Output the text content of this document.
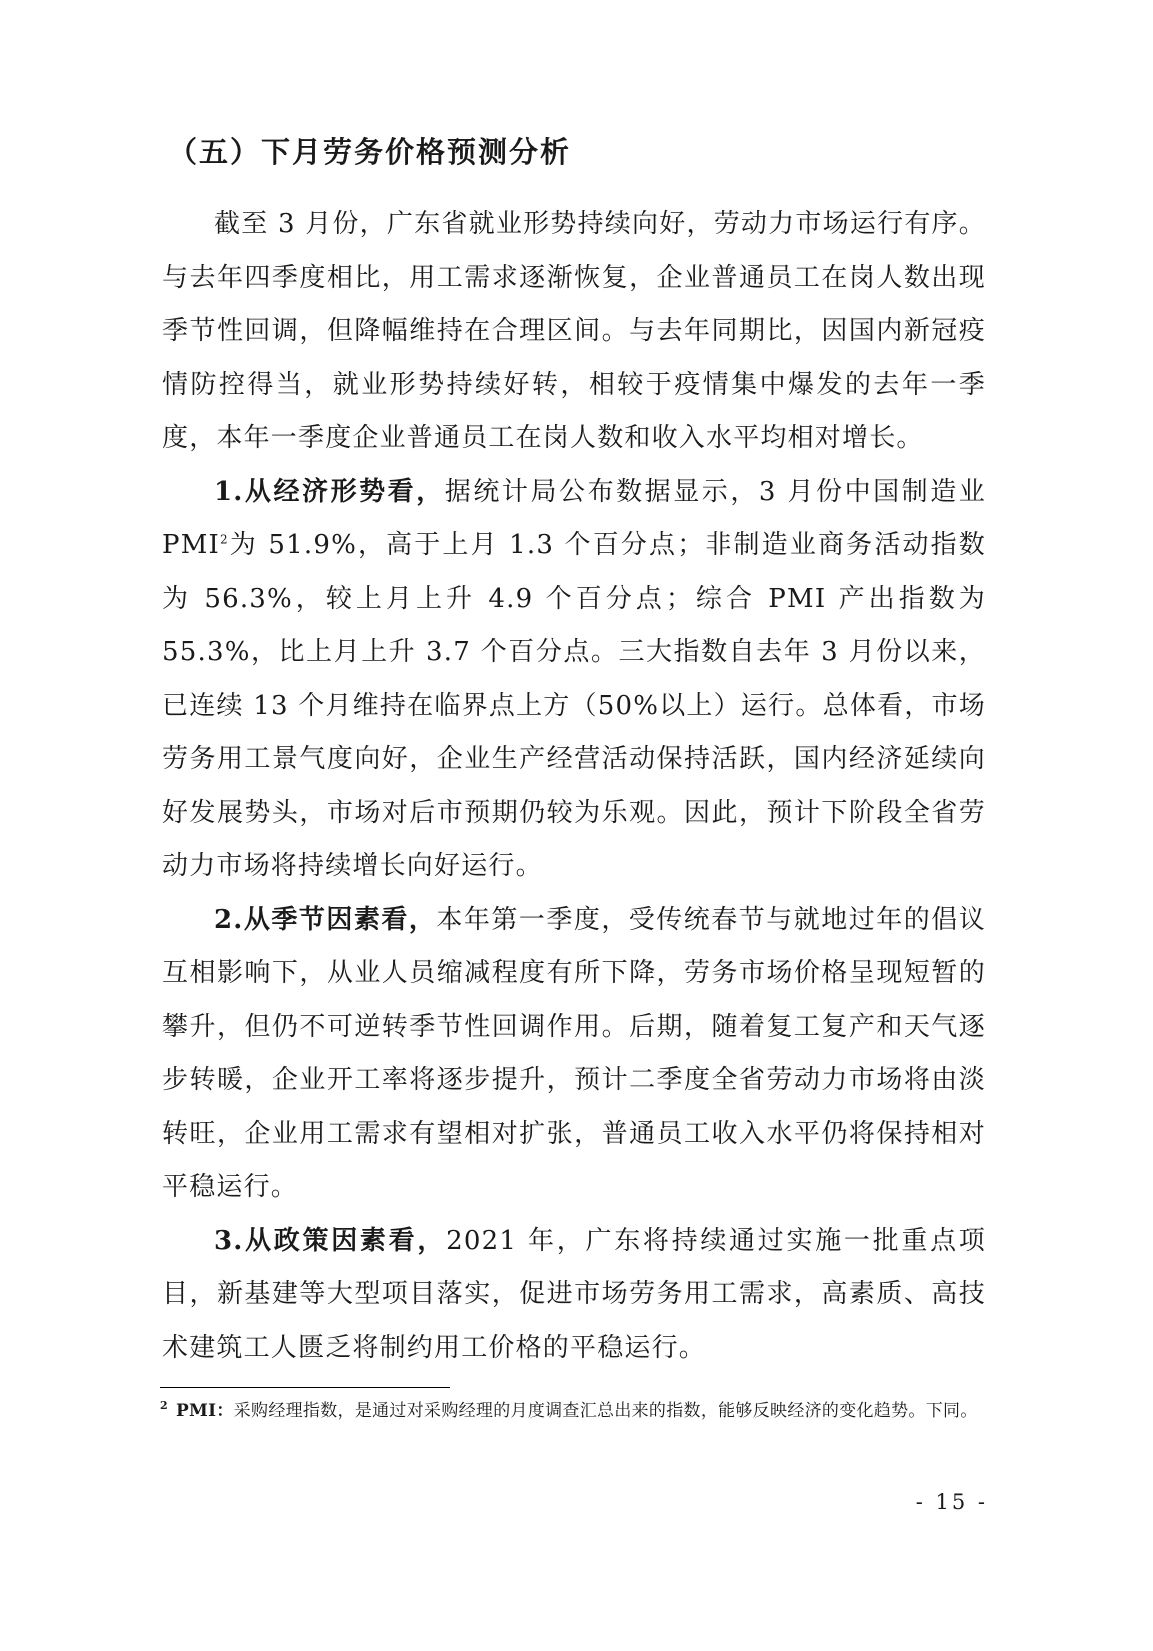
（五）下月劳务价格预测分析

截至 3 月份，广东省就业形势持续向好，劳动力市场运行有序。与去年四季度相比，用工需求逐渐恢复，企业普通员工在岗人数出现季节性回调，但降幅维持在合理区间。与去年同期比，因国内新冠疫情防控得当，就业形势持续好转，相较于疫情集中爆发的去年一季度，本年一季度企业普通员工在岗人数和收入水平均相对增长。

1.从经济形势看，据统计局公布数据显示，3 月份中国制造业 PMI$^2$为 51.9%，高于上月 1.3 个百分点；非制造业商务活动指数为 56.3%，较上月上升 4.9 个百分点；综合 PMI 产出指数为 55.3%，比上月上升 3.7 个百分点。三大指数自去年 3 月份以来，已连续 13 个月维持在临界点上方（50%以上）运行。总体看，市场劳务用工景气度向好，企业生产经营活动保持活跃，国内经济延续向好发展势头，市场对后市预期仍较为乐观。因此，预计下阶段全省劳动力市场将持续增长向好运行。

2.从季节因素看，本年第一季度，受传统春节与就地过年的倡议互相影响下，从业人员缩减程度有所下降，劳务市场价格呈现短暂的攀升，但仍不可逆转季节性回调作用。后期，随着复工复产和天气逐步转暖，企业开工率将逐步提升，预计二季度全省劳动力市场将由淡转旺，企业用工需求有望相对扩张，普通员工收入水平仍将保持相对平稳运行。

3.从政策因素看，2021 年，广东将持续通过实施一批重点项目，新基建等大型项目落实，促进市场劳务用工需求，高素质、高技术建筑工人匮乏将制约用工价格的平稳运行。

$^2$ PMI：采购经理指数，是通过对采购经理的月度调查汇总出来的指数，能够反映经济的变化趋势。下同。
- 15 -
